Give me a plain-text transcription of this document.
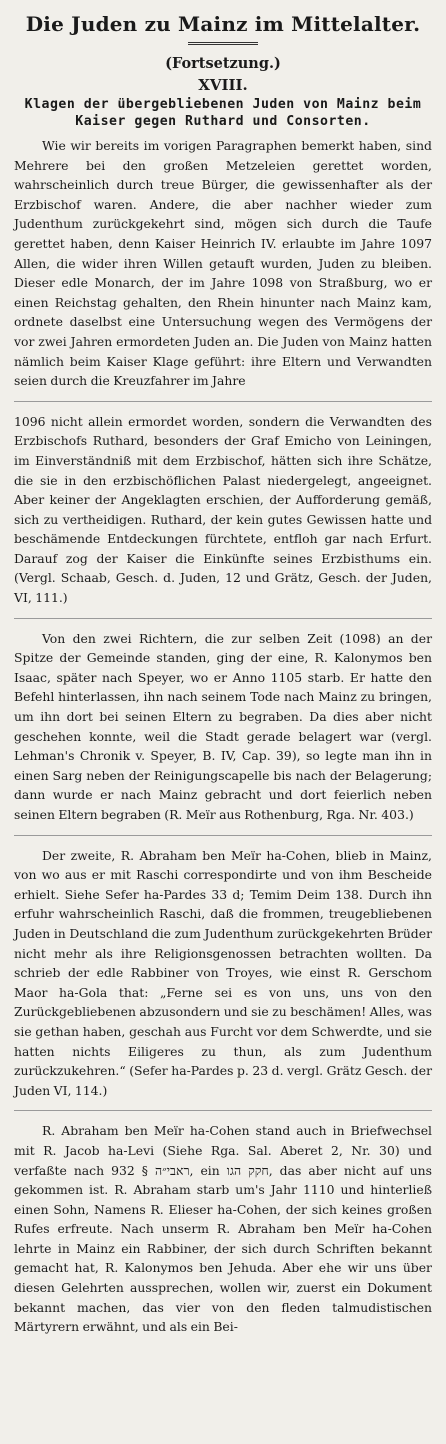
Die Juden zu Mainz im Mittelalter.
(Fortsetzung.)
XVIII.
Klagen der übergebliebenen Juden von Mainz beim Kaiser gegen Ruthard und Consorten.

Wie wir bereits im vorigen Paragraphen bemerkt haben, sind Mehrere bei den großen Metzeleien gerettet worden, wahrscheinlich durch treue Bürger, die gewissenhafter als der Erzbischof waren. Andere, die aber nachher wieder zum Judenthum zurückgekehrt sind, mögen sich durch die Taufe gerettet haben, denn Kaiser Heinrich IV. erlaubte im Jahre 1097 Allen, die wider ihren Willen getauft wurden, Juden zu bleiben. Dieser edle Monarch, der im Jahre 1098 von Straßburg, wo er einen Reichstag gehalten, den Rhein hinunter nach Mainz kam, ordnete daselbst eine Untersuchung wegen des Vermögens der vor zwei Jahren ermordeten Juden an. Die Juden von Mainz hatten nämlich beim Kaiser Klage geführt: ihre Eltern und Verwandten seien durch die Kreuzfahrer im Jahre

1096 nicht allein ermordet worden, sondern die Verwandten des Erzbischofs Ruthard, besonders der Graf Emicho von Leiningen, im Einverständniß mit dem Erzbischof, hätten sich ihre Schätze, die sie in den erzbischöflichen Palast niedergelegt, angeeignet. Aber keiner der Angeklagten erschien, der Aufforderung gemäß, sich zu vertheidigen. Ruthard, der kein gutes Gewissen hatte und beschämende Entdeckungen fürchtete, entfloh gar nach Erfurt. Darauf zog der Kaiser die Einkünfte seines Erzbisthums ein. (Vergl. Schaab, Gesch. d. Juden, 12 und Grätz, Gesch. der Juden, VI, 111.)

Von den zwei Richtern, die zur selben Zeit (1098) an der Spitze der Gemeinde standen, ging der eine, R. Kalonymos ben Isaac, später nach Speyer, wo er Anno 1105 starb. Er hatte den Befehl hinterlassen, ihn nach seinem Tode nach Mainz zu bringen, um ihn dort bei seinen Eltern zu begraben. Da dies aber nicht geschehen konnte, weil die Stadt gerade belagert war (vergl. Lehman's Chronik v. Speyer, B. IV, Cap. 39), so legte man ihn in einen Sarg neben der Reinigungscapelle bis nach der Belagerung; dann wurde er nach Mainz gebracht und dort feierlich neben seinen Eltern begraben (R. Meïr aus Rothenburg, Rga. Nr. 403.)

Der zweite, R. Abraham ben Meïr ha-Cohen, blieb in Mainz, von wo aus er mit Raschi correspondirte und von ihm Bescheide erhielt. Siehe Sefer ha-Pardes 33 d; Temim Deim 138. Durch ihn erfuhr wahrscheinlich Raschi, daß die frommen, treugebliebenen Juden in Deutschland die zum Judenthum zurückgekehrten Brüder nicht mehr als ihre Religionsgenossen betrachten wollten. Da schrieb der edle Rabbiner von Troyes, wie einst R. Gerschom Maor ha-Gola that: „Ferne sei es von uns, uns von den Zurückgebliebenen abzusondern und sie zu beschämen! Alles, was sie gethan haben, geschah aus Furcht vor dem Schwerdte, und sie hatten nichts Eiligeres zu thun, als zum Judenthum zurückzukehren.“ (Sefer ha-Pardes p. 23 d. vergl. Grätz Gesch. der Juden VI, 114.)

R. Abraham ben Meïr ha-Cohen stand auch in Briefwechsel mit R. Jacob ha-Levi (Siehe Rga. Sal. Aberet 2, Nr. 30) und verfaßte nach ראבי״ה § 932, ein חקק הגו, das aber nicht auf uns gekommen ist. R. Abraham starb um's Jahr 1110 und hinterließ einen Sohn, Namens R. Elieser ha-Cohen, der sich keines großen Rufes erfreute. Nach unserm R. Abraham ben Meïr ha-Cohen lehrte in Mainz ein Rabbiner, der sich durch Schriften bekannt gemacht hat, R. Kalonymos ben Jehuda. Aber ehe wir uns über diesen Gelehrten aussprechen, wollen wir, zuerst ein Dokument bekannt machen, das vier von den fleden talmudistischen Märtyrern erwähnt, und als ein Bei-
